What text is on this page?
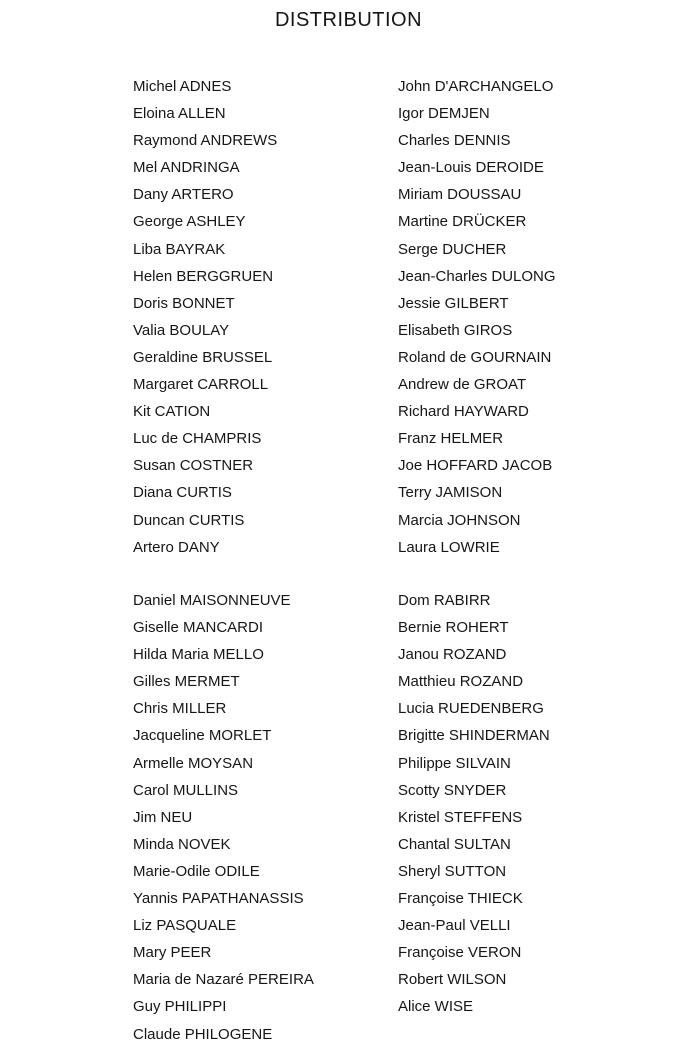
DISTRIBUTION
Michel ADNES
Eloina ALLEN
Raymond ANDREWS
Mel ANDRINGA
Dany ARTERO
George ASHLEY
Liba BAYRAK
Helen BERGGRUEN
Doris BONNET
Valia BOULAY
Geraldine BRUSSEL
Margaret CARROLL
Kit CATION
Luc de CHAMPRIS
Susan COSTNER
Diana CURTIS
Duncan CURTIS
Artero DANY
John D'ARCHANGELO
Igor DEMJEN
Charles DENNIS
Jean-Louis DEROIDE
Miriam DOUSSAU
Martine DRÜCKER
Serge DUCHER
Jean-Charles DULONG
Jessie GILBERT
Elisabeth GIROS
Roland de GOURNAIN
Andrew de GROAT
Richard HAYWARD
Franz HELMER
Joe HOFFARD JACOB
Terry JAMISON
Marcia JOHNSON
Laura LOWRIE
Daniel MAISONNEUVE
Giselle MANCARDI
Hilda Maria MELLO
Gilles MERMET
Chris MILLER
Jacqueline MORLET
Armelle MOYSAN
Carol MULLINS
Jim NEU
Minda NOVEK
Marie-Odile ODILE
Yannis PAPATHANASSIS
Liz PASQUALE
Mary PEER
Maria de Nazaré PEREIRA
Guy PHILIPPI
Claude PHILOGENE
Dom RABIRR
Bernie ROHERT
Janou ROZAND
Matthieu ROZAND
Lucia RUEDENBERG
Brigitte SHINDERMAN
Philippe SILVAIN
Scotty SNYDER
Kristel STEFFENS
Chantal SULTAN
Sheryl SUTTON
Françoise THIECK
Jean-Paul VELLI
Françoise VERON
Robert WILSON
Alice WISE
